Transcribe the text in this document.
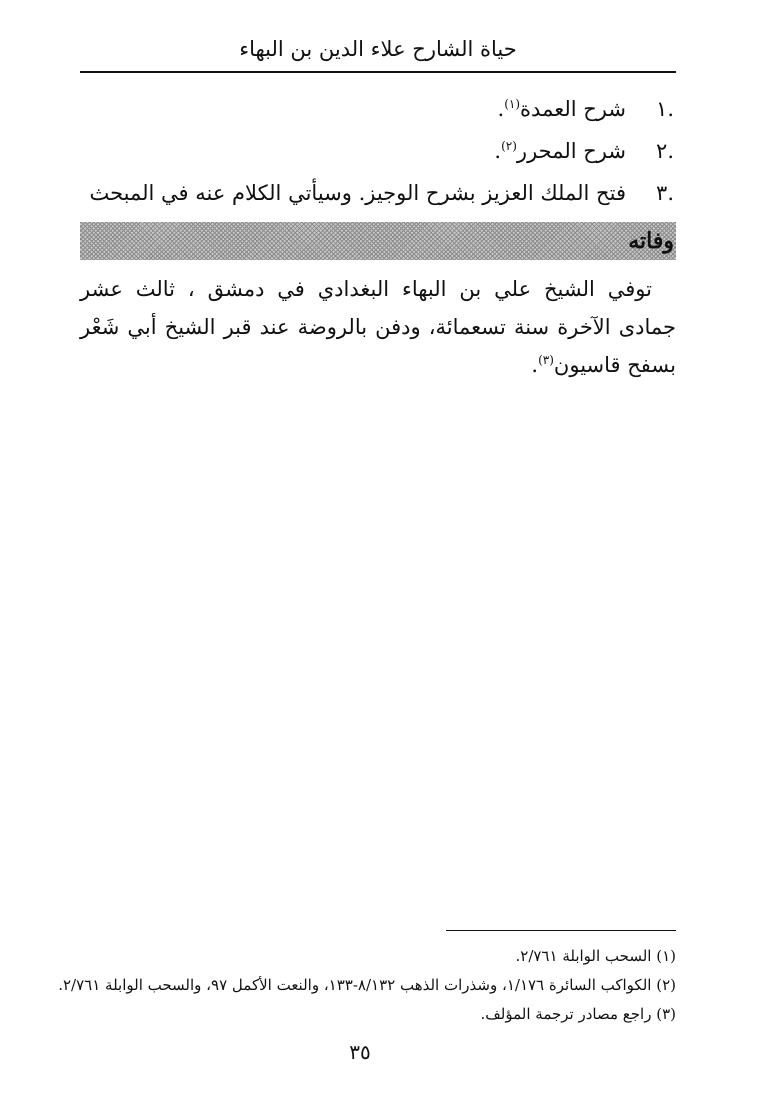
حياة الشارح علاء الدين بن البهاء
.١
شرح العمدة$^{(١)}$.
.٢
شرح المحرر$^{(٢)}$.
.٣
فتح الملك العزيز بشرح الوجيز. وسيأتي الكلام عنه في المبحث
وفاته

توفي الشيخ علي بن البهاء البغدادي في دمشق ، ثالث عشر جمادى الآخرة سنة تسعمائة، ودفن بالروضة عند قبر الشيخ أبي شَعْر بسفح قاسيون$^{(٣)}$.

(١) السحب الوابلة ٢/٧٦١.
(٢) الكواكب السائرة ١/١٧٦، وشذرات الذهب ٨/١٣٢-١٣٣، والنعت الأكمل ٩٧، والسحب الوابلة ٢/٧٦١.
(٣) راجع مصادر ترجمة المؤلف.
٣٥
